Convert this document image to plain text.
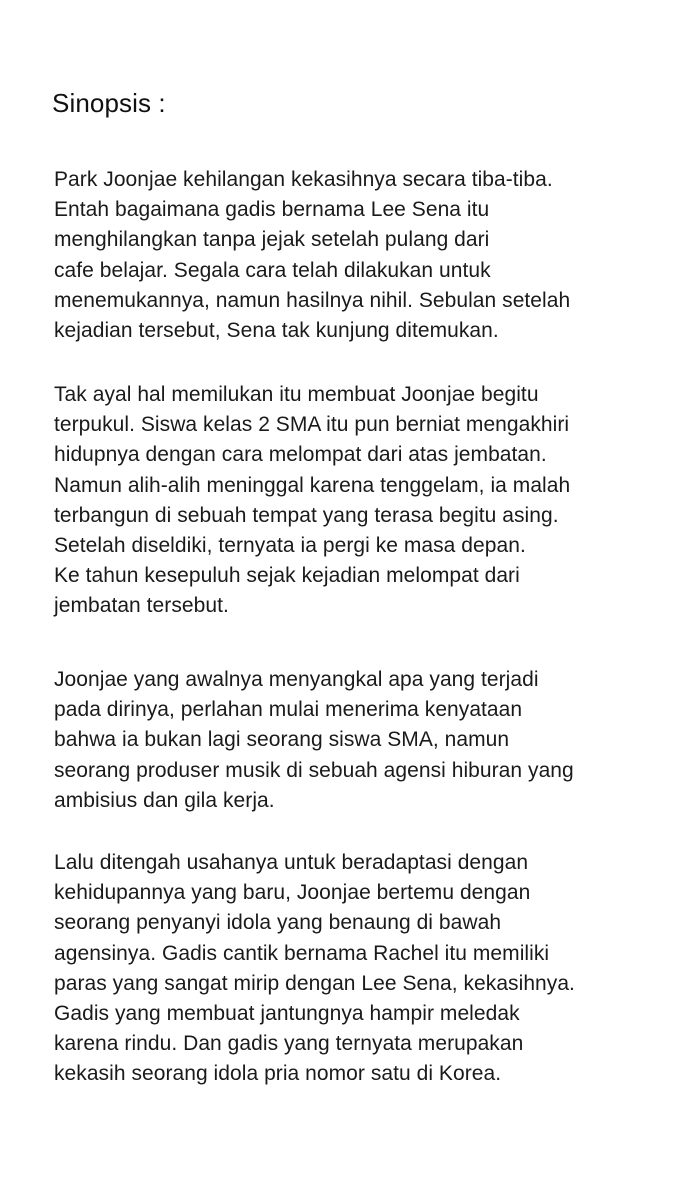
Sinopsis :

Park Joonjae kehilangan kekasihnya secara tiba-tiba.
Entah bagaimana gadis bernama Lee Sena itu
menghilangkan tanpa jejak setelah pulang dari
cafe belajar. Segala cara telah dilakukan untuk
menemukannya, namun hasilnya nihil. Sebulan setelah
kejadian tersebut, Sena tak kunjung ditemukan.

Tak ayal hal memilukan itu membuat Joonjae begitu
terpukul. Siswa kelas 2 SMA itu pun berniat mengakhiri
hidupnya dengan cara melompat dari atas jembatan.
Namun alih-alih meninggal karena tenggelam, ia malah
terbangun di sebuah tempat yang terasa begitu asing.
Setelah diseldiki, ternyata ia pergi ke masa depan.
Ke tahun kesepuluh sejak kejadian melompat dari
jembatan tersebut.

Joonjae yang awalnya menyangkal apa yang terjadi
pada dirinya, perlahan mulai menerima kenyataan
bahwa ia bukan lagi seorang siswa SMA, namun
seorang produser musik di sebuah agensi hiburan yang
ambisius dan gila kerja.

Lalu ditengah usahanya untuk beradaptasi dengan
kehidupannya yang baru, Joonjae bertemu dengan
seorang penyanyi idola yang benaung di bawah
agensinya. Gadis cantik bernama Rachel itu memiliki
paras yang sangat mirip dengan Lee Sena, kekasihnya.
Gadis yang membuat jantungnya hampir meledak
karena rindu. Dan gadis yang ternyata merupakan
kekasih seorang idola pria nomor satu di Korea.
